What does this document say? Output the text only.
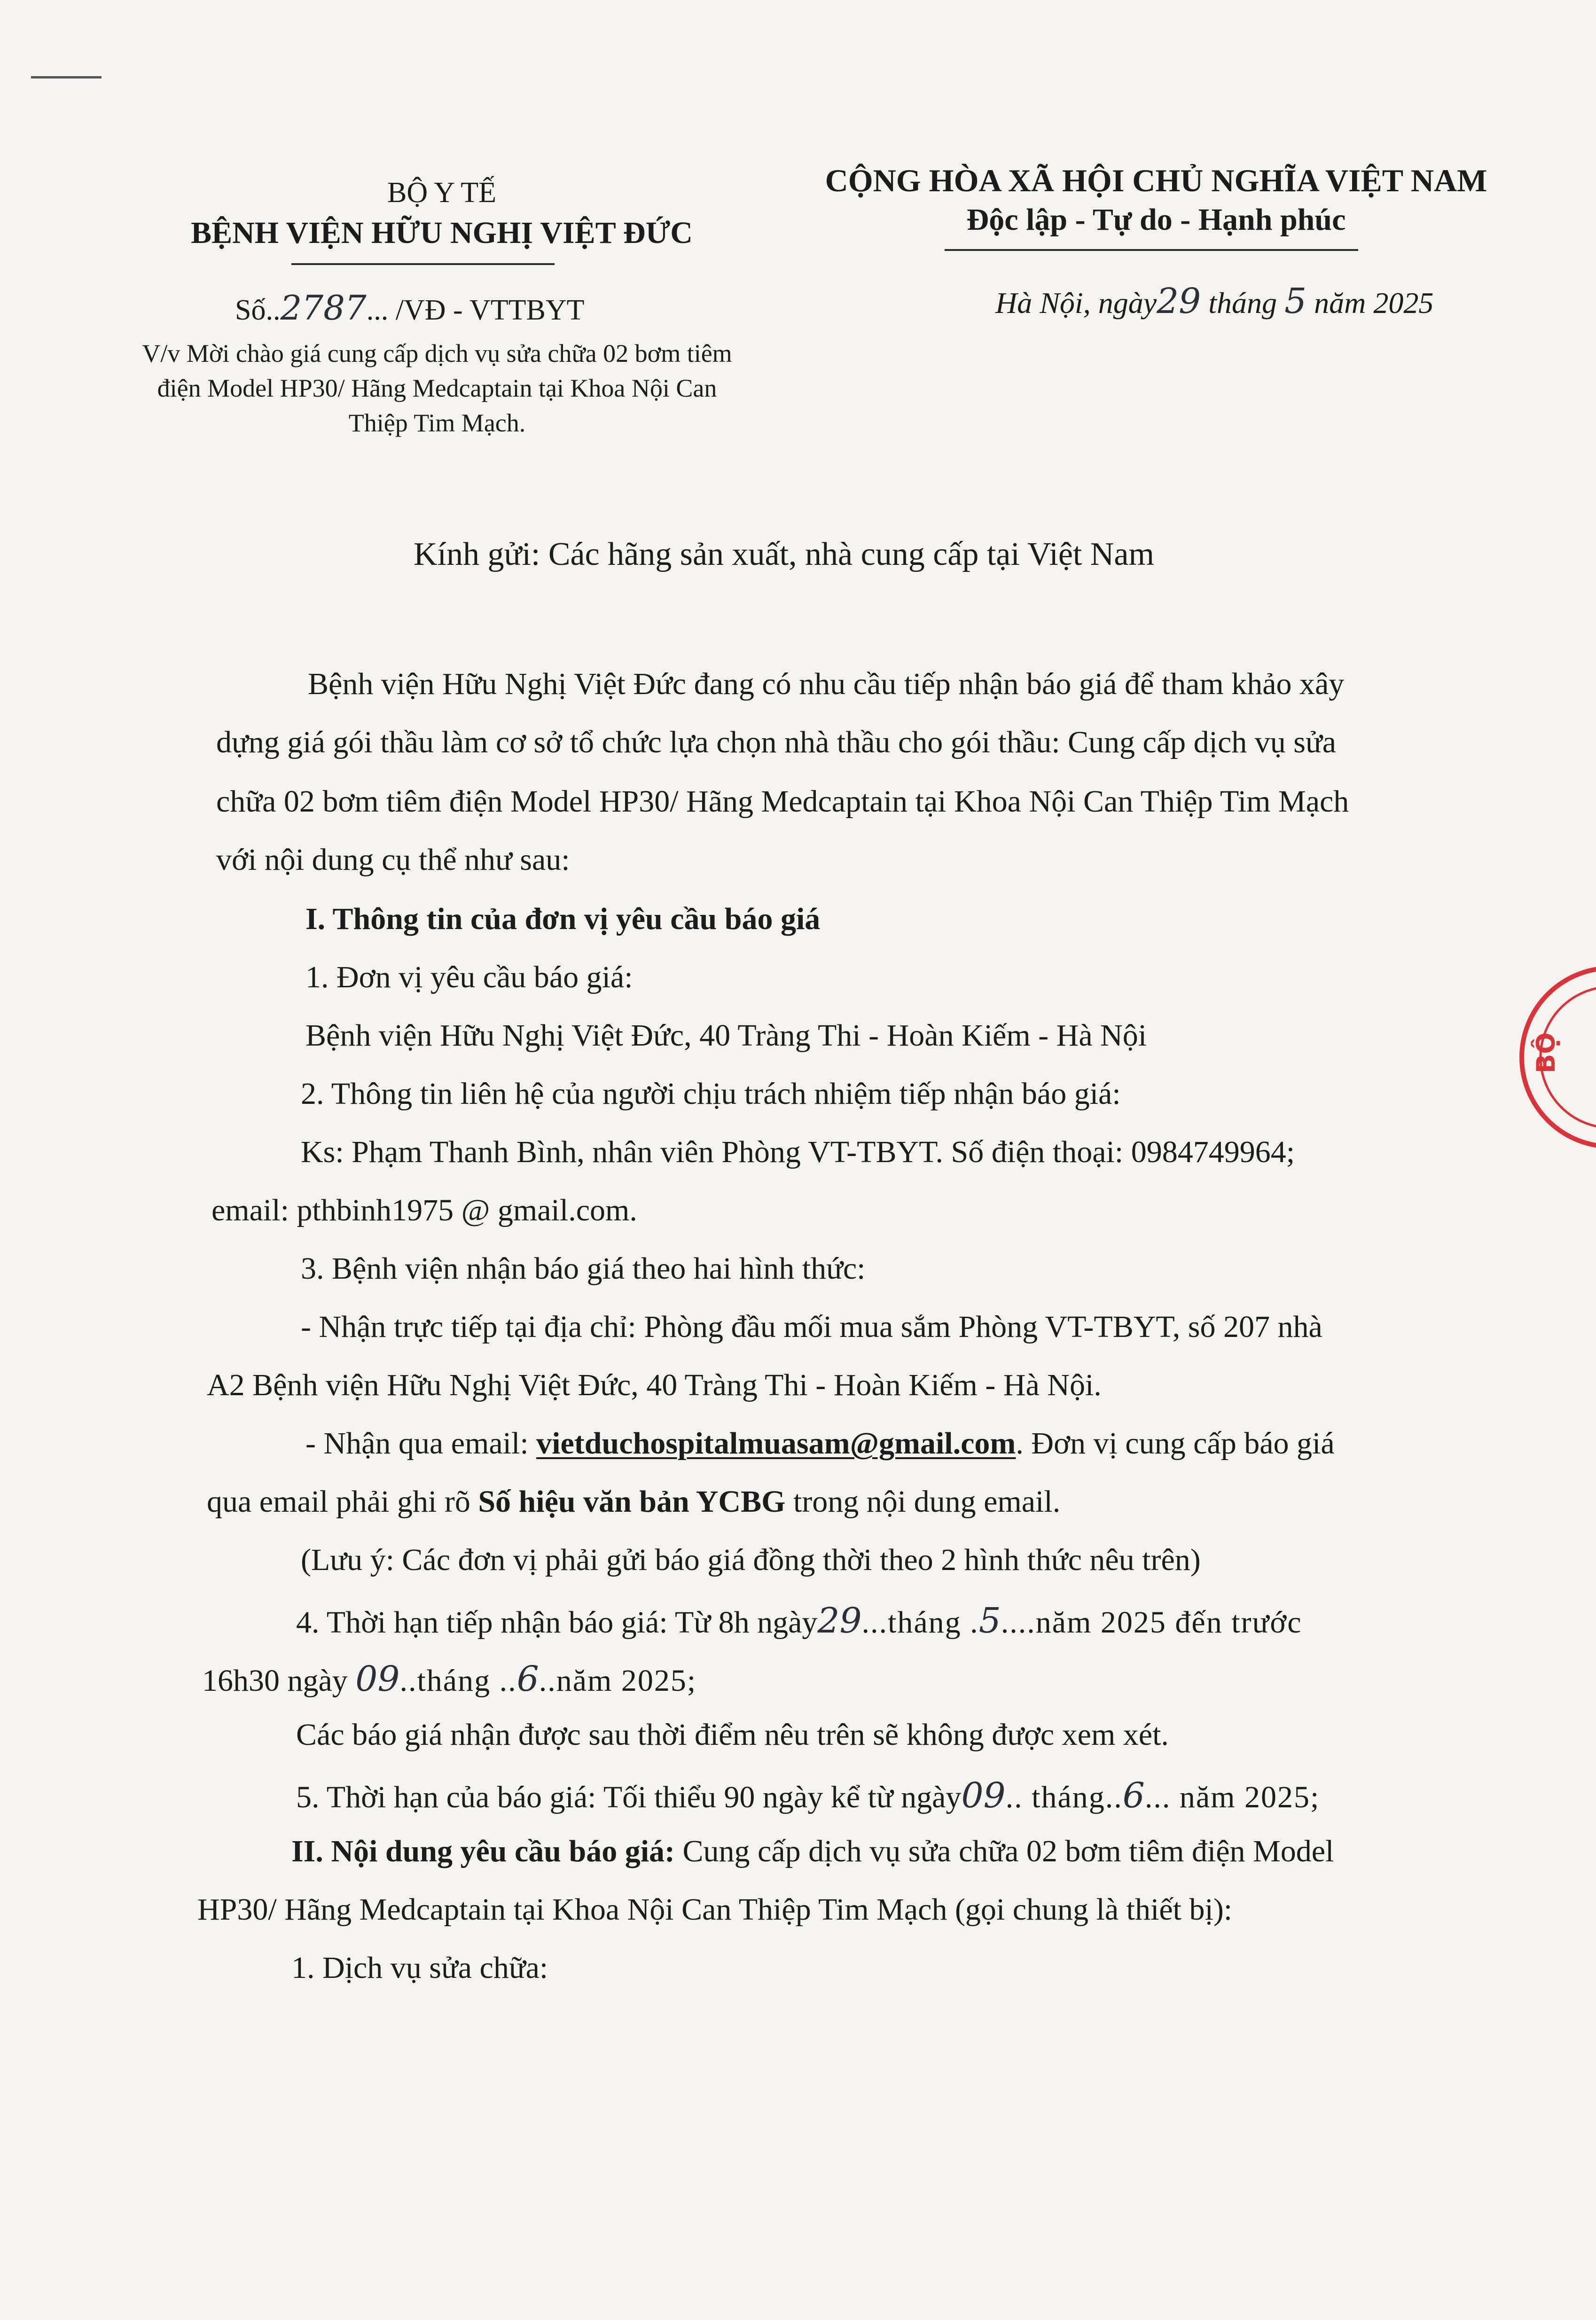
BỘ Y TẾ
BỆNH VIỆN HỮU NGHỊ VIỆT ĐỨC
Số..2787... /VĐ - VTTBYT
V/v Mời chào giá cung cấp dịch vụ sửa chữa 02 bơm tiêm
điện Model HP30/ Hãng Medcaptain tại Khoa Nội Can
Thiệp Tim Mạch.
CỘNG HÒA XÃ HỘI CHỦ NGHĨA VIỆT NAM
Độc lập - Tự do - Hạnh phúc
Hà Nội, ngày29 tháng 5 năm 2025
Kính gửi: Các hãng sản xuất, nhà cung cấp tại Việt Nam
Bệnh viện Hữu Nghị Việt Đức đang có nhu cầu tiếp nhận báo giá để tham khảo xây
dựng giá gói thầu làm cơ sở tổ chức lựa chọn nhà thầu cho gói thầu: Cung cấp dịch vụ sửa
chữa 02 bơm tiêm điện Model HP30/ Hãng Medcaptain tại Khoa Nội Can Thiệp Tim Mạch
với nội dung cụ thể như sau:
I. Thông tin của đơn vị yêu cầu báo giá
1. Đơn vị yêu cầu báo giá:
Bệnh viện Hữu Nghị Việt Đức, 40 Tràng Thi - Hoàn Kiếm - Hà Nội
2. Thông tin liên hệ của người chịu trách nhiệm tiếp nhận báo giá:
Ks: Phạm Thanh Bình, nhân viên Phòng VT-TBYT. Số điện thoại: 0984749964;
email: pthbinh1975 @ gmail.com.
3. Bệnh viện nhận báo giá theo hai hình thức:
- Nhận trực tiếp tại địa chỉ: Phòng đầu mối mua sắm Phòng VT-TBYT, số 207 nhà
A2 Bệnh viện Hữu Nghị Việt Đức, 40 Tràng Thi - Hoàn Kiếm - Hà Nội.
- Nhận qua email: vietduchospitalmuasam@gmail.com. Đơn vị cung cấp báo giá
qua email phải ghi rõ Số hiệu văn bản YCBG trong nội dung email.
(Lưu ý: Các đơn vị phải gửi báo giá đồng thời theo 2 hình thức nêu trên)
4. Thời hạn tiếp nhận báo giá: Từ 8h ngày29...tháng .5....năm 2025 đến trước
16h30 ngày 09..tháng ..6..năm 2025;
Các báo giá nhận được sau thời điểm nêu trên sẽ không được xem xét.
5. Thời hạn của báo giá: Tối thiểu 90 ngày kể từ ngày09.. tháng..6... năm 2025;
II. Nội dung yêu cầu báo giá: Cung cấp dịch vụ sửa chữa 02 bơm tiêm điện Model
HP30/ Hãng Medcaptain tại Khoa Nội Can Thiệp Tim Mạch (gọi chung là thiết bị):
1. Dịch vụ sửa chữa:
BỘ
